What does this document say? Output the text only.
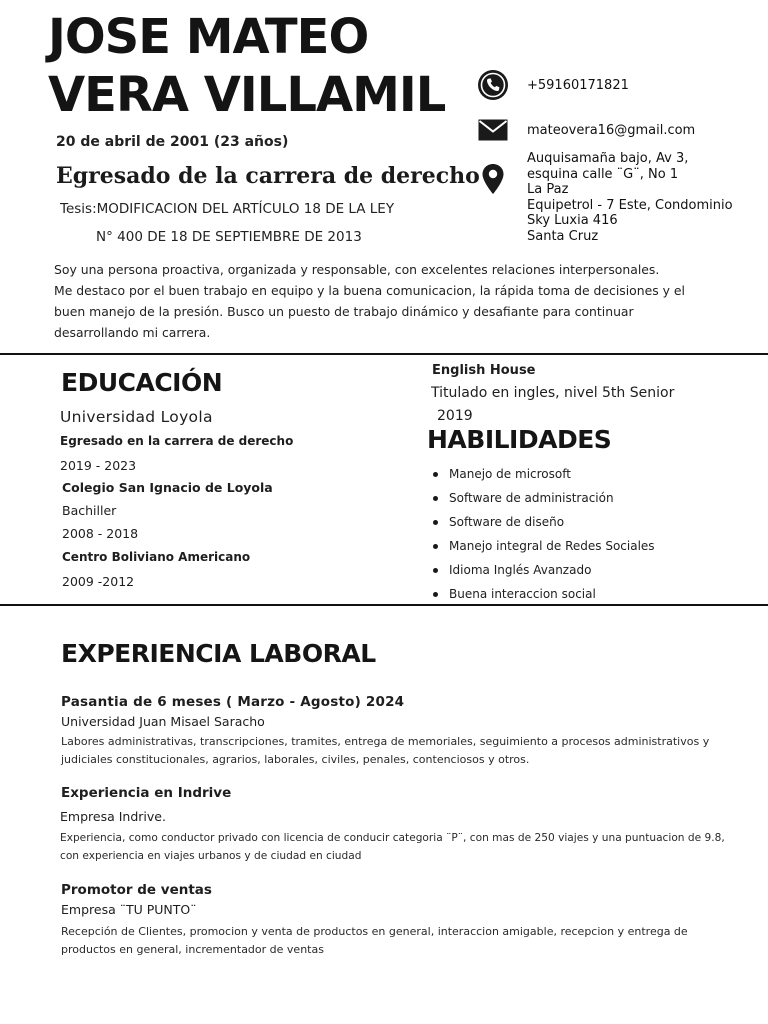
JOSE MATEO
VERA VILLAMIL
20 de abril de 2001 (23 años)
Egresado de la carrera de derecho
Tesis:MODIFICACION DEL ARTÍCULO 18 DE LA LEY
N° 400 DE 18 DE SEPTIEMBRE DE 2013
Soy una persona proactiva, organizada y responsable, con excelentes relaciones interpersonales.
Me destaco por el buen trabajo en equipo y la buena comunicacion, la rápida toma de decisiones y el
buen manejo de la presión. Busco un puesto de trabajo dinámico y desafiante para continuar
desarrollando mi carrera.
+59160171821
mateovera16@gmail.com
Auquisamaña bajo, Av 3,
esquina calle ¨G¨, No 1
La Paz
Equipetrol - 7 Este, Condominio
Sky Luxia 416
Santa Cruz
EDUCACIÓN
Universidad Loyola
Egresado en la carrera de derecho
2019 - 2023
Colegio San Ignacio de Loyola
Bachiller
2008 - 2018
Centro Boliviano Americano
2009 -2012
English House
Titulado en ingles, nivel 5th Senior
2019
HABILIDADES
Manejo de microsoft
Software de administración
Software de diseño
Manejo integral de Redes Sociales
Idioma Inglés Avanzado
Buena interaccion social
EXPERIENCIA LABORAL
Pasantia de 6 meses ( Marzo - Agosto) 2024
Universidad Juan Misael Saracho
Labores administrativas, transcripciones, tramites, entrega de memoriales, seguimiento a procesos administrativos y
judiciales constitucionales, agrarios, laborales, civiles, penales, contenciosos y otros.
Experiencia en Indrive
Empresa Indrive.
Experiencia, como conductor privado con licencia de conducir categoria ¨P¨, con mas de 250 viajes y una puntuacion de 9.8,
con experiencia en viajes urbanos y de ciudad en ciudad
Promotor de ventas
Empresa ¨TU PUNTO¨
Recepción de Clientes, promocion y venta de productos en general, interaccion amigable, recepcion y entrega de
productos en general, incrementador de ventas
